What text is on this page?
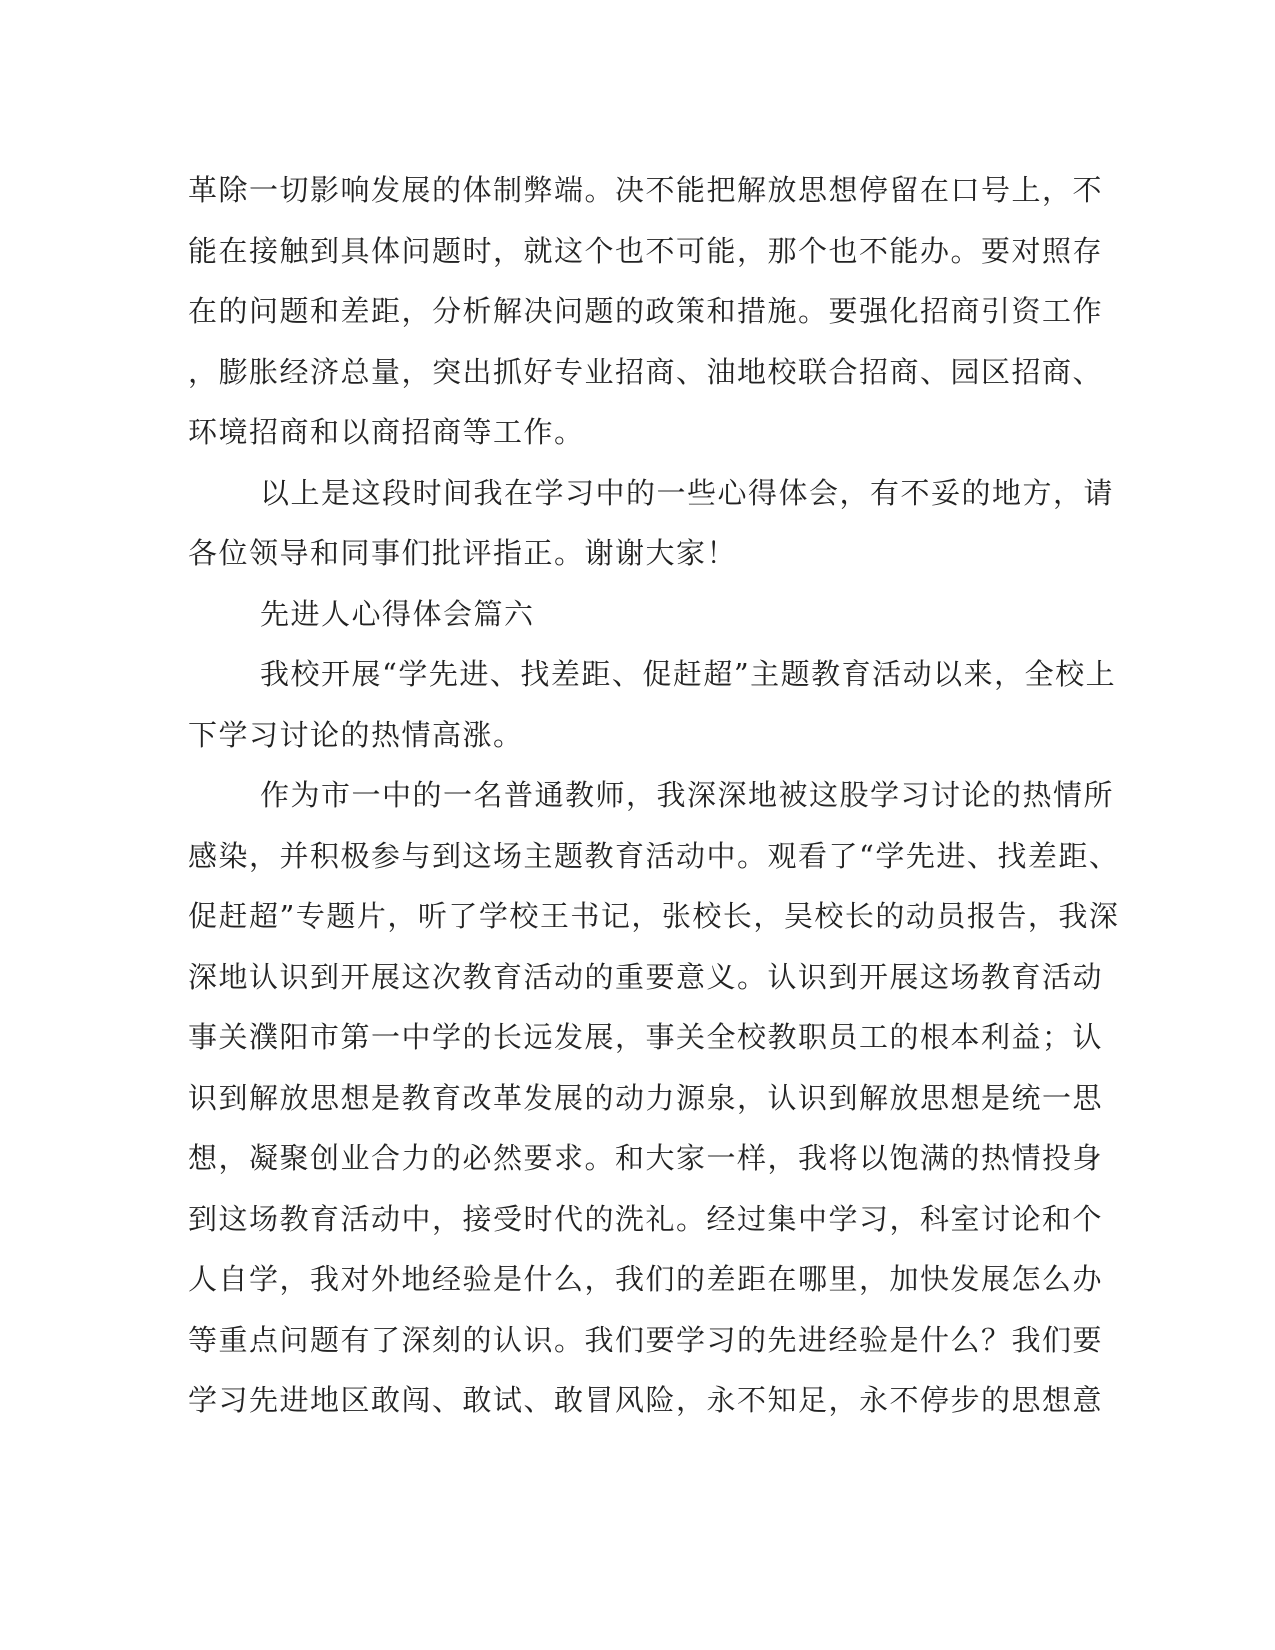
革除一切影响发展的体制弊端。决不能把解放思想停留在口号上，不
能在接触到具体问题时，就这个也不可能，那个也不能办。要对照存
在的问题和差距，分析解决问题的政策和措施。要强化招商引资工作
，膨胀经济总量，突出抓好专业招商、油地校联合招商、园区招商、
环境招商和以商招商等工作。
以上是这段时间我在学习中的一些心得体会，有不妥的地方，请
各位领导和同事们批评指正。谢谢大家！
先进人心得体会篇六
我校开展“学先进、找差距、促赶超”主题教育活动以来，全校上
下学习讨论的热情高涨。
作为市一中的一名普通教师，我深深地被这股学习讨论的热情所
感染，并积极参与到这场主题教育活动中。观看了“学先进、找差距、
促赶超”专题片，听了学校王书记，张校长，吴校长的动员报告，我深
深地认识到开展这次教育活动的重要意义。认识到开展这场教育活动
事关濮阳市第一中学的长远发展，事关全校教职员工的根本利益；认
识到解放思想是教育改革发展的动力源泉，认识到解放思想是统一思
想，凝聚创业合力的必然要求。和大家一样，我将以饱满的热情投身
到这场教育活动中，接受时代的洗礼。经过集中学习，科室讨论和个
人自学，我对外地经验是什么，我们的差距在哪里，加快发展怎么办
等重点问题有了深刻的认识。我们要学习的先进经验是什么？我们要
学习先进地区敢闯、敢试、敢冒风险，永不知足，永不停步的思想意
